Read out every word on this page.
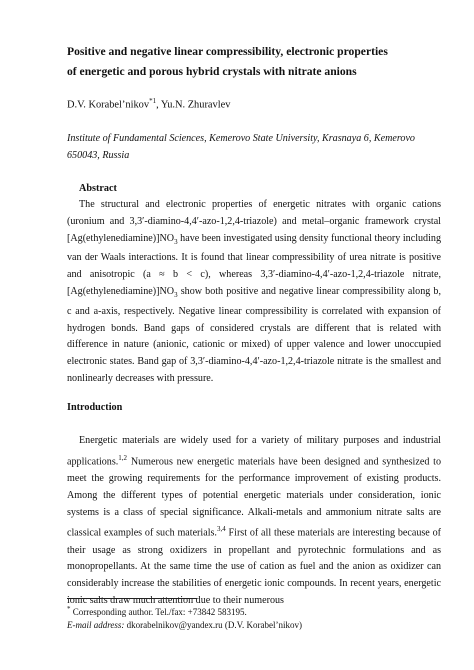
Positive and negative linear compressibility, electronic properties
of energetic and porous hybrid crystals with nitrate anions
D.V. Korabel’nikov$^{*1}$, Yu.N. Zhuravlev
Institute of Fundamental Sciences, Kemerovo State University, Krasnaya 6, Kemerovo 650043, Russia
Abstract
The structural and electronic properties of energetic nitrates with organic cations (uronium and 3,3′-diamino-4,4′-azo-1,2,4-triazole) and metal–organic framework crystal $[Ag(ethylenediamine)]NO_3$ have been investigated using density functional theory including van der Waals interactions. It is found that linear compressibility of urea nitrate is positive and anisotropic (a ≈ b < c), whereas 3,3′-diamino-4,4′-azo-1,2,4-triazole nitrate, $[Ag(ethylenediamine)]NO_3$ show both positive and negative linear compressibility along b, c and a-axis, respectively. Negative linear compressibility is correlated with expansion of hydrogen bonds. Band gaps of considered crystals are different that is related with difference in nature (anionic, cationic or mixed) of upper valence and lower unoccupied electronic states. Band gap of 3,3′-diamino-4,4′-azo-1,2,4-triazole nitrate is the smallest and nonlinearly decreases with pressure.
Introduction
Energetic materials are widely used for a variety of military purposes and industrial applications.$^{1,2}$ Numerous new energetic materials have been designed and synthesized to meet the growing requirements for the performance improvement of existing products. Among the different types of potential energetic materials under consideration, ionic systems is a class of special significance. Alkali-metals and ammonium nitrate salts are classical examples of such materials.$^{3,4}$ First of all these materials are interesting because of their usage as strong oxidizers in propellant and pyrotechnic formulations and as monopropellants. At the same time the use of cation as fuel and the anion as oxidizer can considerably increase the stabilities of energetic ionic compounds. In recent years, energetic ionic salts draw much attention due to their numerous
* Corresponding author. Tel./fax: +73842 583195.
E-mail address: dkorabelnikov@yandex.ru (D.V. Korabel’nikov)
